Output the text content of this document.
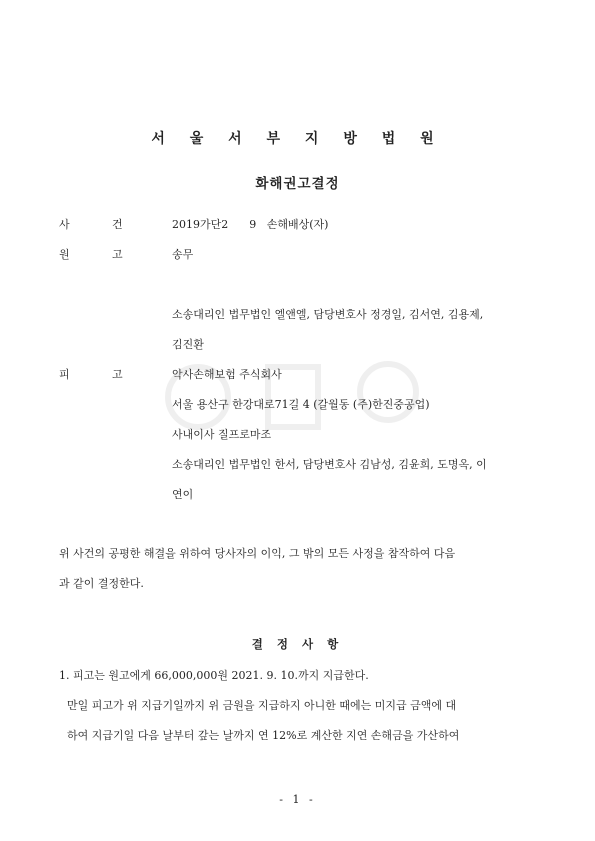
서 울 서 부 지 방 법 원
화해권고결정
사	건	2019가단2      9   손해배상(자)
원	고	송무
소송대리인 법무법인 엘앤엘, 담당변호사 정경일, 김서연, 김용제,
김진환
피	고	악사손해보험 주식회사
서울 용산구 한강대로71길 4 (갈월동 (주)한진중공업)
사내이사 질프로마조
소송대리인 법무법인 한서, 담당변호사 김남성, 김윤희, 도명옥, 이
연이
위 사건의 공평한 해결을 위하여 당사자의 이익, 그 밖의 모든 사정을 참작하여 다음
과 같이 결정한다.
결 정 사 항
1. 피고는 원고에게 66,000,000원 2021. 9. 10.까지 지급한다.
만일 피고가 위 지급기일까지 위 금원을 지급하지 아니한 때에는 미지급 금액에 대
하여 지급기일 다음 날부터 갚는 날까지 연 12%로 계산한 지연 손해금을 가산하여
- 1 -
